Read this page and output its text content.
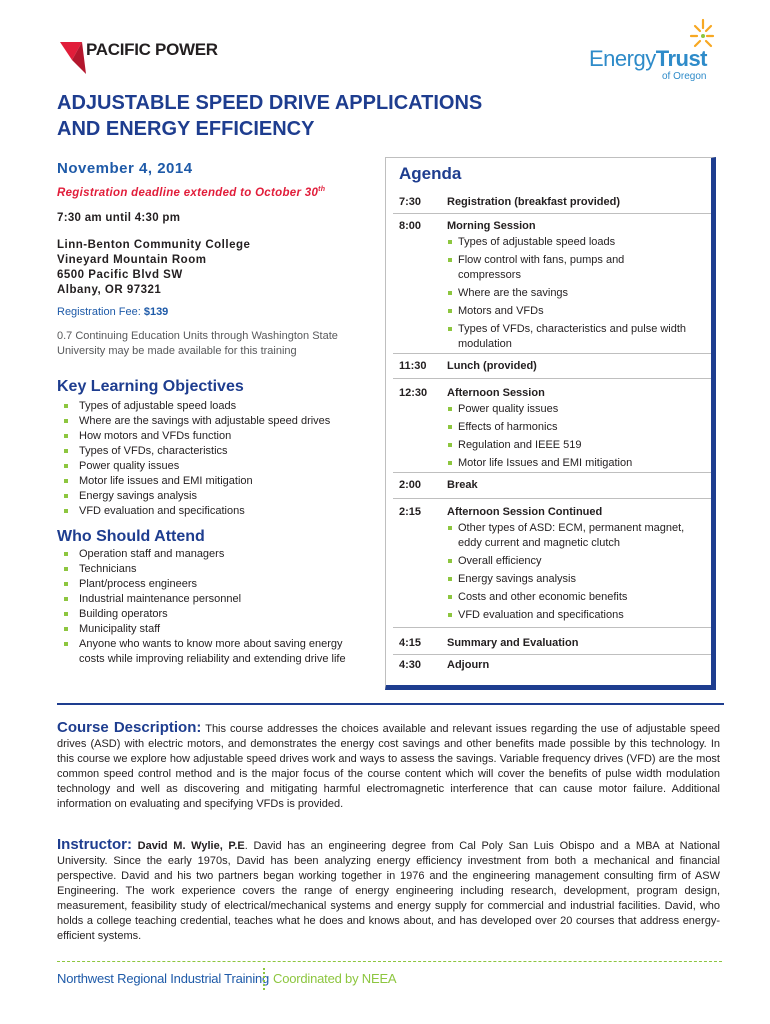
PACIFIC POWER	EnergyTrust
of Oregon
ADJUSTABLE SPEED DRIVE APPLICATIONS
AND ENERGY EFFICIENCY
November 4, 2014
Registration deadline extended to October 30th
7:30 am until 4:30 pm
Linn-Benton Community College
Vineyard Mountain Room
6500 Pacific Blvd SW
Albany, OR 97321
Registration Fee: $139
0.7 Continuing Education Units through Washington State University may be made available for this training
Key Learning Objectives
Types of adjustable speed loads
Where are the savings with adjustable speed drives
How motors and VFDs function
Types of VFDs, characteristics
Power quality issues
Motor life issues and EMI mitigation
Energy savings analysis
VFD evaluation and specifications
Who Should Attend
Operation staff and managers
Technicians
Plant/process engineers
Industrial maintenance personnel
Building operators
Municipality staff
Anyone who wants to know more about saving energy costs while improving reliability and extending drive life
Agenda
7:30	Registration (breakfast provided)
8:00	Morning Session
Types of adjustable speed loads
Flow control with fans, pumps and compressors
Where are the savings
Motors and VFDs
Types of VFDs, characteristics and pulse width modulation
11:30	Lunch (provided)
12:30	Afternoon Session
Power quality issues
Effects of harmonics
Regulation and IEEE 519
Motor life Issues and EMI mitigation
2:00	Break
2:15	Afternoon Session Continued
Other types of ASD: ECM, permanent magnet, eddy current and magnetic clutch
Overall efficiency
Energy savings analysis
Costs and other economic benefits
VFD evaluation and specifications
4:15	Summary and Evaluation
4:30	Adjourn
Course Description: This course addresses the choices available and relevant issues regarding the use of adjustable speed drives (ASD) with electric motors, and demonstrates the energy cost savings and other benefits made possible by this technology. In this course we explore how adjustable speed drives work and ways to assess the savings. Variable frequency drives (VFD) are the most common speed control method and is the major focus of the course content which will cover the benefits of pulse width modulation technology and well as discovering and mitigating harmful electromagnetic interference that can cause motor failure. Additional information on evaluating and specifying VFDs is provided.
Instructor: David M. Wylie, P.E. David has an engineering degree from Cal Poly San Luis Obispo and a MBA at National University. Since the early 1970s, David has been analyzing energy efficiency investment from both a mechanical and financial perspective. David and his two partners began working together in 1976 and the engineering management consulting firm of ASW Engineering. The work experience covers the range of energy engineering including research, development, program design, measurement, feasibility study of electrical/mechanical systems and energy supply for commercial and industrial facilities. David, who holds a college teaching credential, teaches what he does and knows about, and has developed over 20 courses that address energy-efficient systems.
Northwest Regional Industrial Training Coordinated by NEEA
